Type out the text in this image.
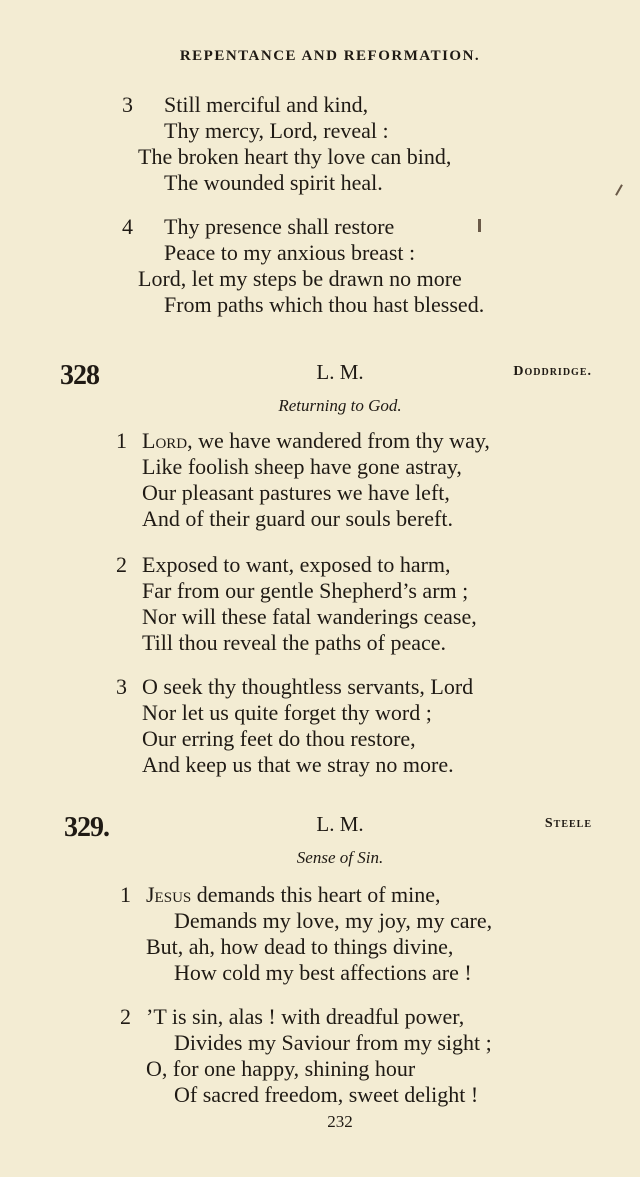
REPENTANCE AND REFORMATION.
3 Still merciful and kind,
Thy mercy, Lord, reveal :
The broken heart thy love can bind,
The wounded spirit heal.
4 Thy presence shall restore
Peace to my anxious breast :
Lord, let my steps be drawn no more
From paths which thou hast blessed.
328	L. M.	Doddridge.
Returning to God.
1 Lord, we have wandered from thy way,
Like foolish sheep have gone astray,
Our pleasant pastures we have left,
And of their guard our souls bereft.
2 Exposed to want, exposed to harm,
Far from our gentle Shepherd’s arm ;
Nor will these fatal wanderings cease,
Till thou reveal the paths of peace.
3 O seek thy thoughtless servants, Lord
Nor let us quite forget thy word ;
Our erring feet do thou restore,
And keep us that we stray no more.
329.	L. M.	Steele
Sense of Sin.
1 Jesus demands this heart of mine,
Demands my love, my joy, my care,
But, ah, how dead to things divine,
How cold my best affections are !
2 ’T is sin, alas ! with dreadful power,
Divides my Saviour from my sight ;
O, for one happy, shining hour
Of sacred freedom, sweet delight !
232
